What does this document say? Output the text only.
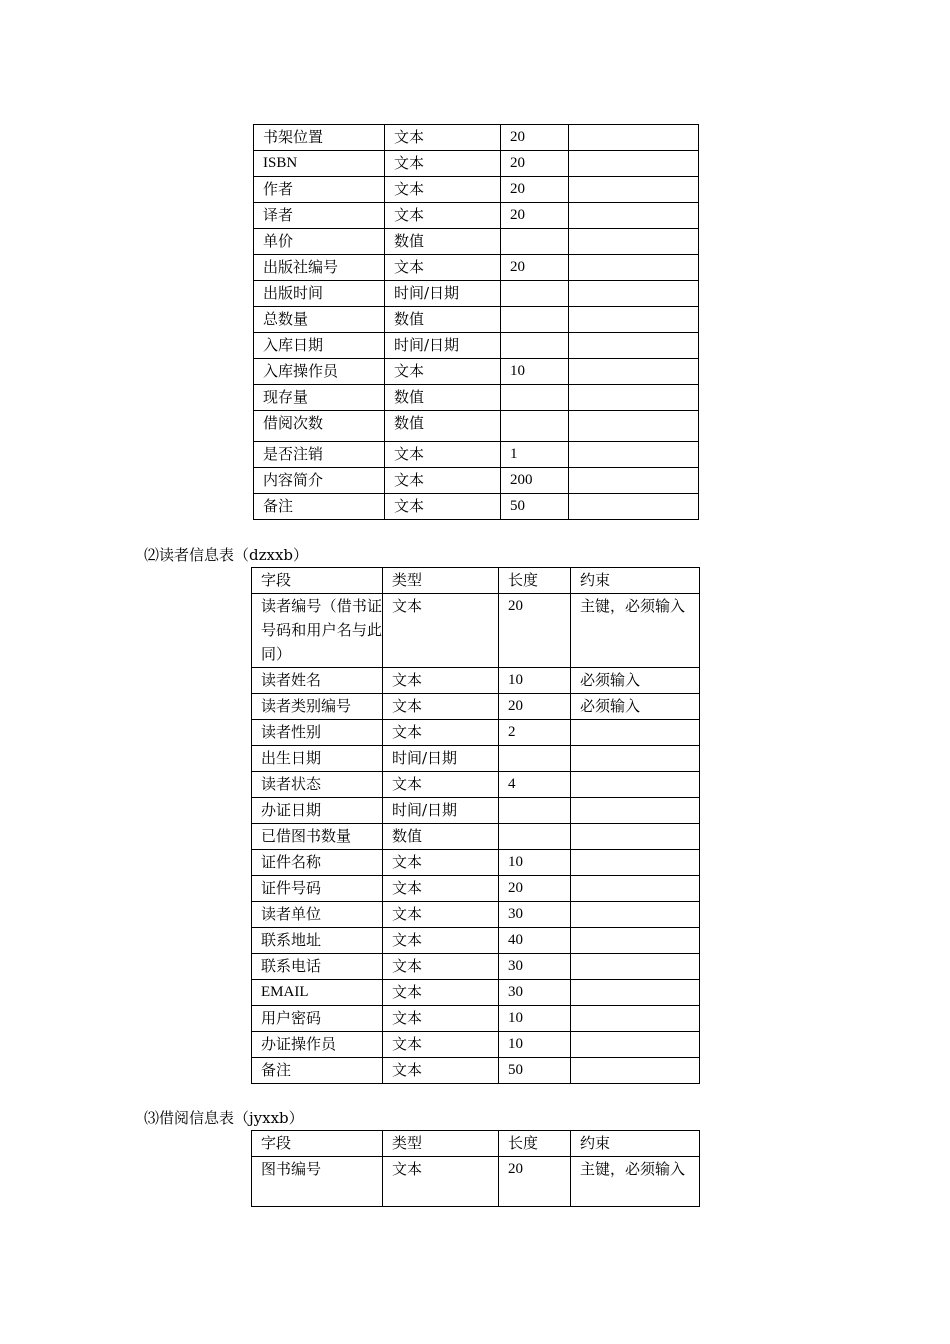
书架位置	文本	20	
ISBN	文本	20	
作者	文本	20	
译者	文本	20	
单价	数值		
出版社编号	文本	20	
出版时间	时间/日期		
总数量	数值		
入库日期	时间/日期		
入库操作员	文本	10	
现存量	数值		
借阅次数	数值		
是否注销	文本	1	
内容简介	文本	200	
备注	文本	50	
⑵读者信息表（dzxxb）
字段	类型	长度	约束
读者编号（借书证号码和用户名与此同）	文本	20	主键，必须输入
读者姓名	文本	10	必须输入
读者类别编号	文本	20	必须输入
读者性别	文本	2	
出生日期	时间/日期		
读者状态	文本	4	
办证日期	时间/日期		
已借图书数量	数值		
证件名称	文本	10	
证件号码	文本	20	
读者单位	文本	30	
联系地址	文本	40	
联系电话	文本	30	
EMAIL	文本	30	
用户密码	文本	10	
办证操作员	文本	10	
备注	文本	50	
⑶借阅信息表（jyxxb）
字段	类型	长度	约束
图书编号	文本	20	主键，必须输入
